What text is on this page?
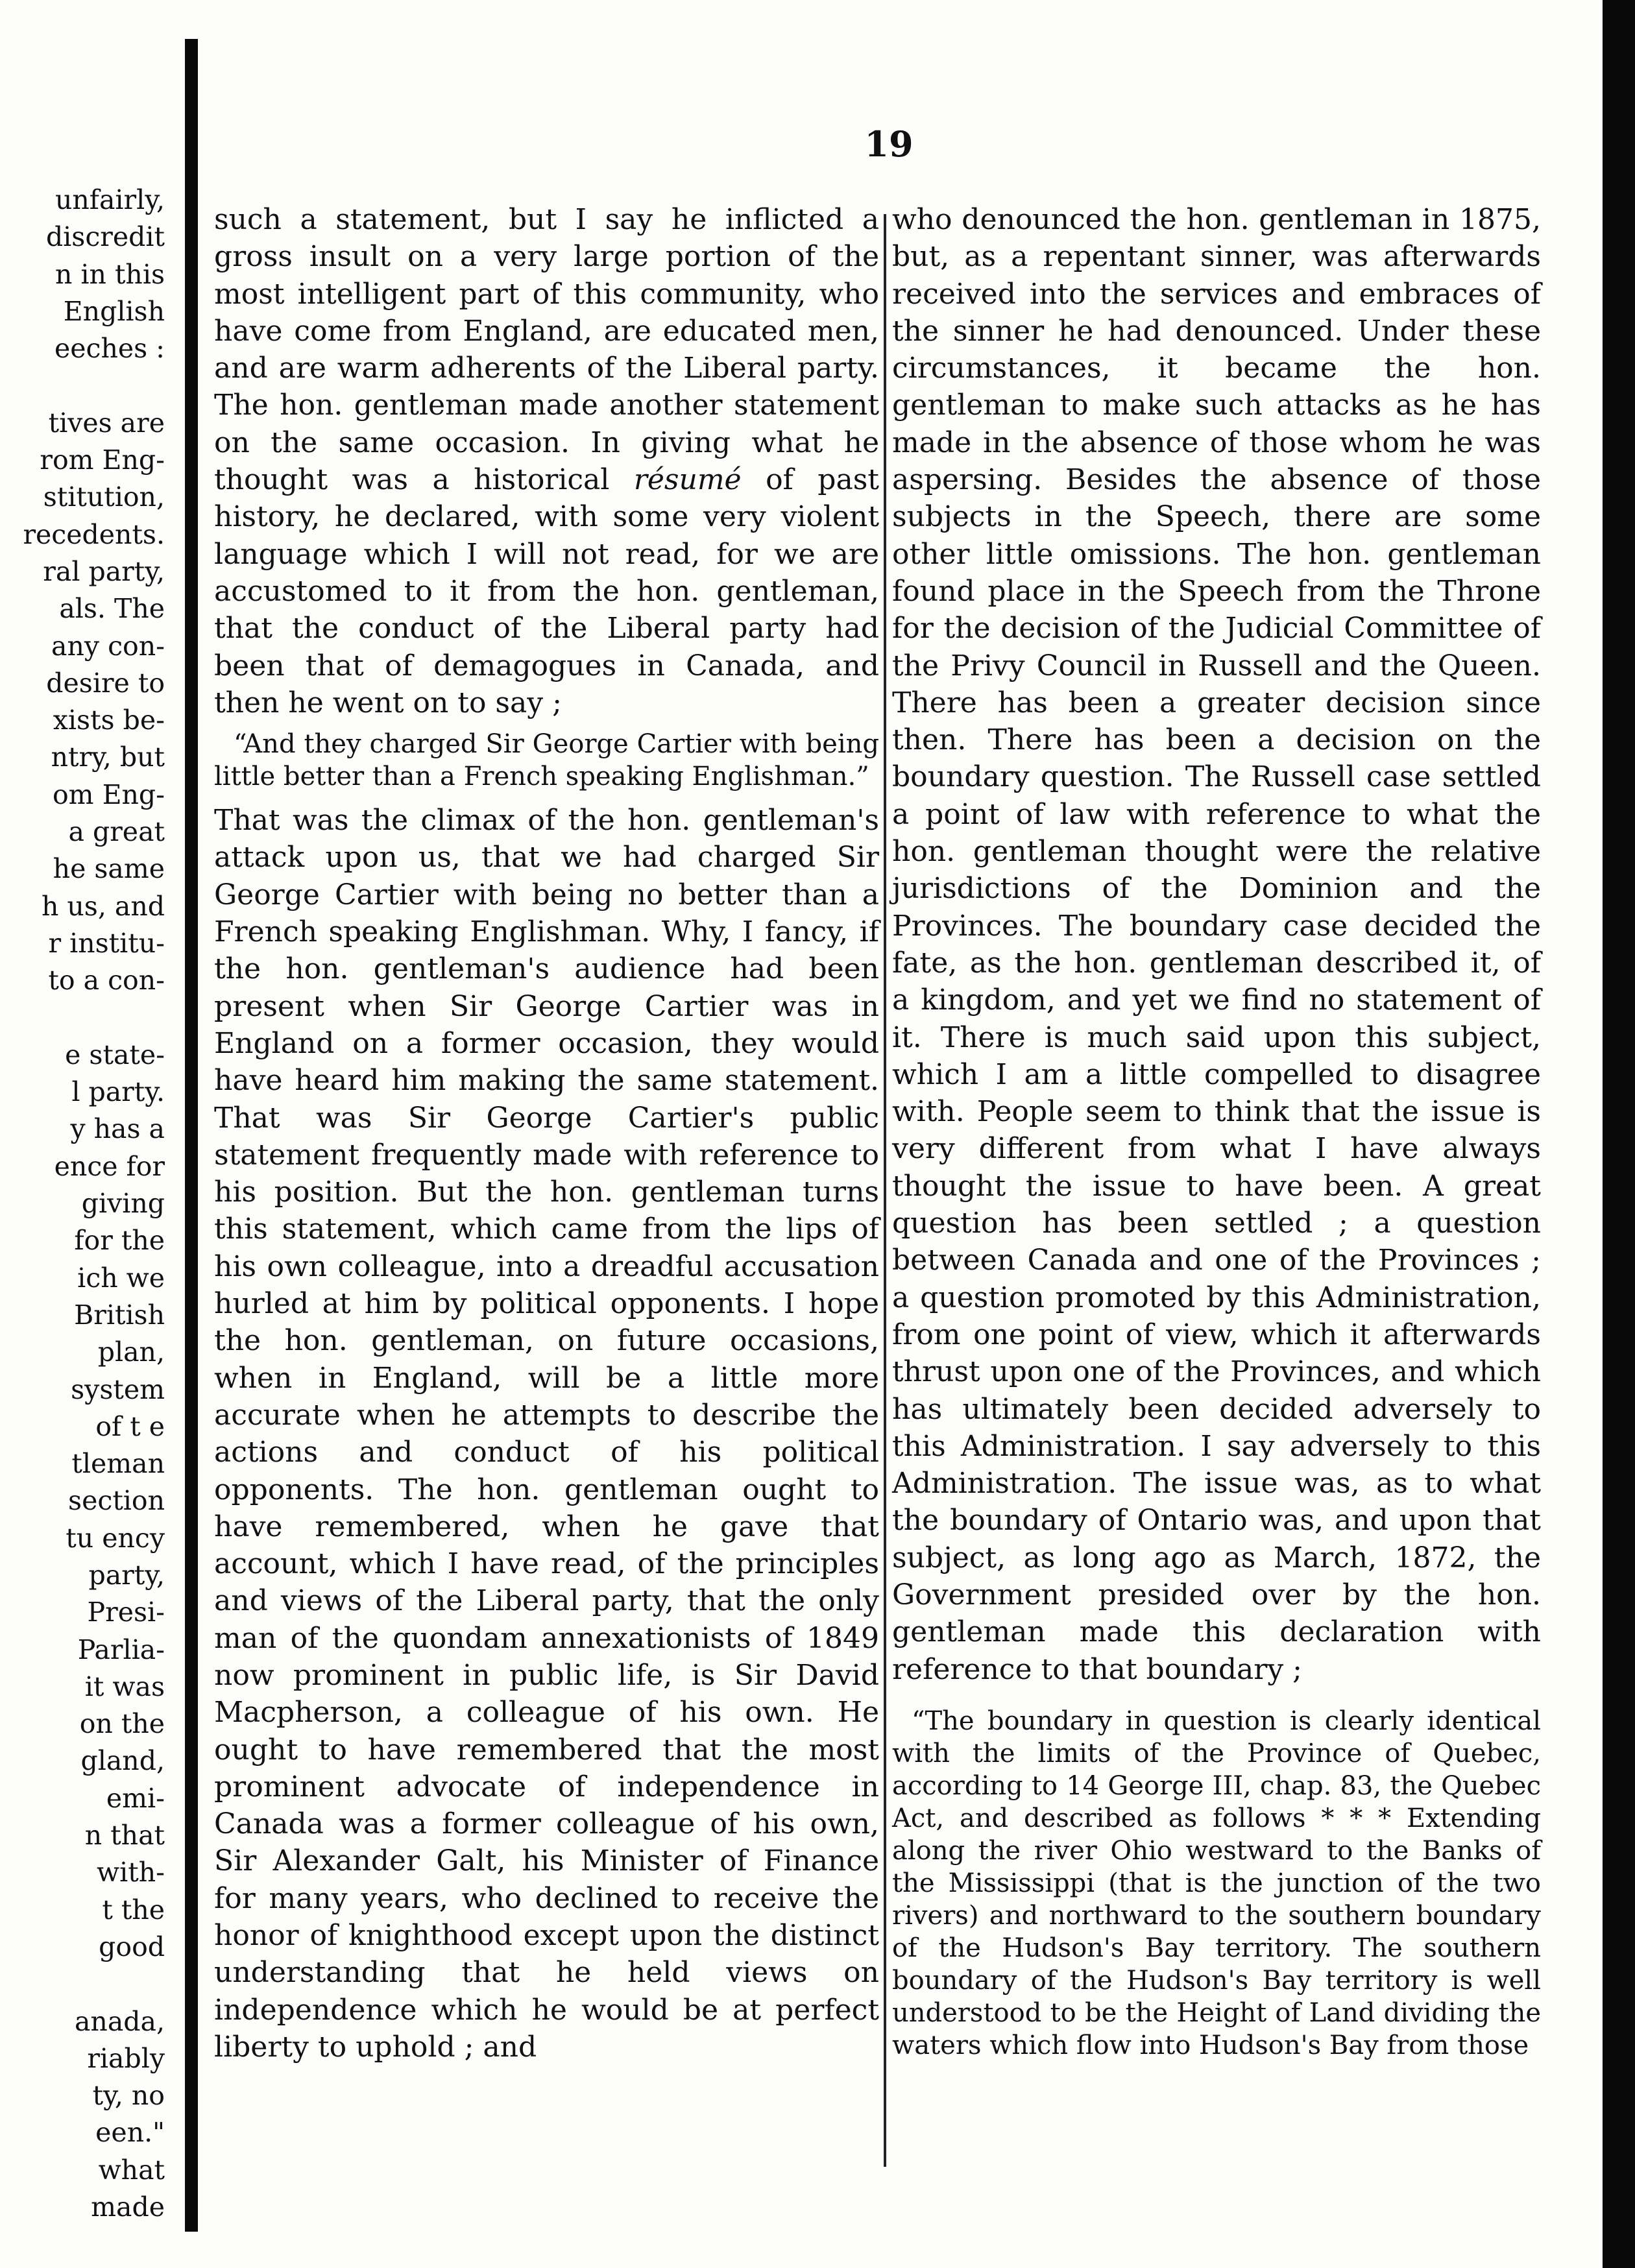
unfairly,
discredit
n in this
English
eeches :
tives are
rom Eng-
stitution,
recedents.
ral party,
als. The
any con-
desire to
xists be-
ntry, but
om Eng-
a great
he same
h us, and
r institu-
to a con-
e state-
l party.
y has a
ence for
giving
for the
ich we
British
plan,
system
of t e
tleman
section
tu ency
party,
Presi-
Parlia-
it was
on the
gland,
emi-
n that
with-
t the
good
anada,
riably
ty, no
een."
what
made
19

such a statement, but I say he inflicted a gross insult on a very large portion of the most intelligent part of this community, who have come from England, are educated men, and are warm adherents of the Liberal party. The hon. gentleman made another statement on the same occasion. In giving what he thought was a historical résumé of past history, he declared, with some very violent language which I will not read, for we are accustomed to it from the hon. gentleman, that the conduct of the Liberal party had been that of demagogues in Canada, and then he went on to say ;

“And they charged Sir George Cartier with being little better than a French speaking Englishman.”

That was the climax of the hon. gentleman's attack upon us, that we had charged Sir George Cartier with being no better than a French speaking Englishman. Why, I fancy, if the hon. gentleman's audience had been present when Sir George Cartier was in England on a former occasion, they would have heard him making the same statement. That was Sir George Cartier's public statement frequently made with reference to his position. But the hon. gentleman turns this statement, which came from the lips of his own colleague, into a dreadful accusation hurled at him by political opponents. I hope the hon. gentleman, on future occasions, when in England, will be a little more accurate when he attempts to describe the actions and conduct of his political opponents. The hon. gentleman ought to have remembered, when he gave that account, which I have read, of the principles and views of the Liberal party, that the only man of the quondam annexationists of 1849 now prominent in public life, is Sir David Macpherson, a colleague of his own. He ought to have remembered that the most prominent advocate of independence in Canada was a former colleague of his own, Sir Alexander Galt, his Minister of Finance for many years, who declined to receive the honor of knighthood except upon the distinct understanding that he held views on independence which he would be at perfect liberty to uphold ; and

who denounced the hon. gentleman in 1875, but, as a repentant sinner, was afterwards received into the services and embraces of the sinner he had denounced. Under these circumstances, it became the hon. gentleman to make such attacks as he has made in the absence of those whom he was aspersing. Besides the absence of those subjects in the Speech, there are some other little omissions. The hon. gentleman found place in the Speech from the Throne for the decision of the Judicial Committee of the Privy Council in Russell and the Queen. There has been a greater decision since then. There has been a decision on the boundary question. The Russell case settled a point of law with reference to what the hon. gentleman thought were the relative jurisdictions of the Dominion and the Provinces. The boundary case decided the fate, as the hon. gentleman described it, of a kingdom, and yet we find no statement of it. There is much said upon this subject, which I am a little compelled to disagree with. People seem to think that the issue is very different from what I have always thought the issue to have been. A great question has been settled ; a question between Canada and one of the Provinces ; a question promoted by this Administration, from one point of view, which it afterwards thrust upon one of the Provinces, and which has ultimately been decided adversely to this Administration. I say adversely to this Administration. The issue was, as to what the boundary of Ontario was, and upon that subject, as long ago as March, 1872, the Government presided over by the hon. gentleman made this declaration with reference to that boundary ;

“The boundary in question is clearly identical with the limits of the Province of Quebec, according to 14 George III, chap. 83, the Quebec Act, and described as follows * * * Extending along the river Ohio westward to the Banks of the Mississippi (that is the junction of the two rivers) and northward to the southern boundary of the Hudson's Bay territory. The southern boundary of the Hudson's Bay territory is well understood to be the Height of Land dividing the waters which flow into Hudson's Bay from those
